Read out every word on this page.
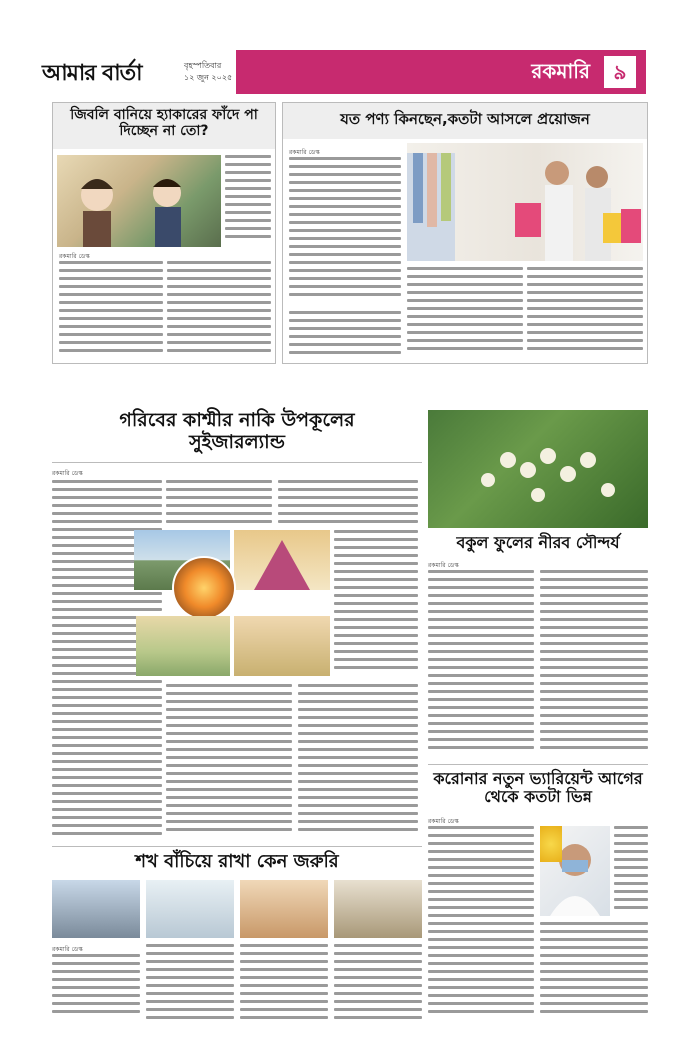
আমার বার্তা	বৃহস্পতিবার
১২ জুন ২০২৫	রকমারি	৯
জিবলি বানিয়ে হ্যাকারের ফাঁদে পা দিচ্ছেন না তো?
রকমারি ডেস্ক
যত পণ্য কিনছেন,কতটা আসলে প্রয়োজন
রকমারি ডেস্ক
গরিবের কাশ্মীর নাকি উপকূলের সুইজারল্যান্ড
রকমারি ডেস্ক
বকুল ফুলের নীরব সৌন্দর্য
রকমারি ডেস্ক
করোনার নতুন ভ্যারিয়েন্ট আগের থেকে কতটা ভিন্ন
রকমারি ডেস্ক
শখ বাঁচিয়ে রাখা কেন জরুরি
রকমারি ডেস্ক
